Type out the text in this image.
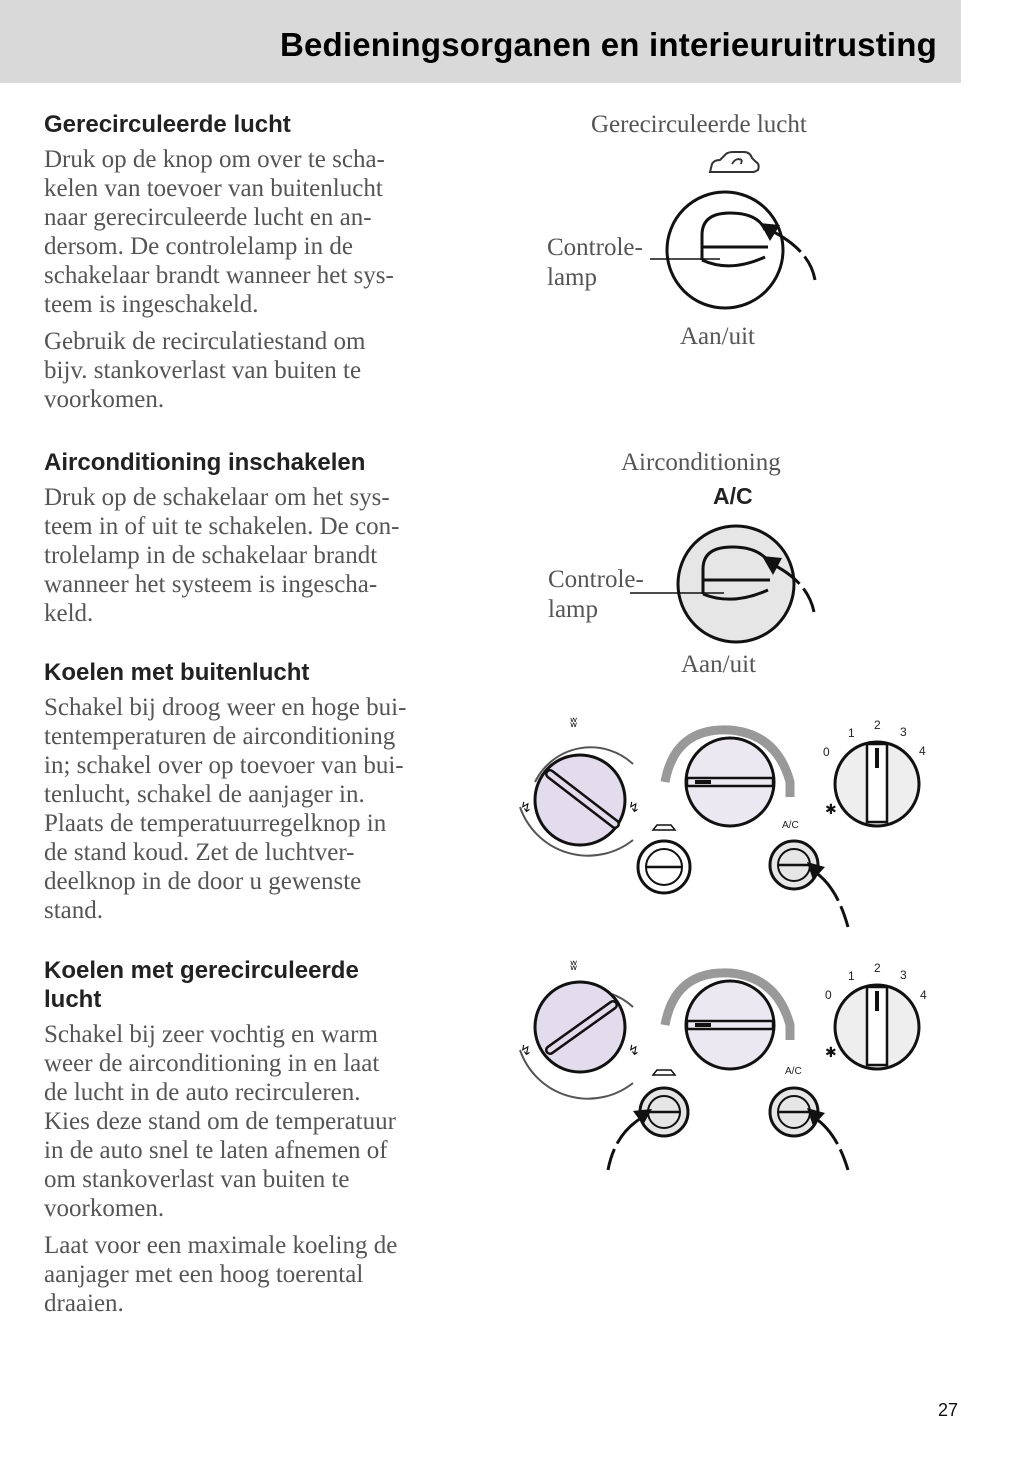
Bedieningsorganen en interieuruitrusting
Gerecirculeerde lucht
Druk op de knop om over te scha-
kelen van toevoer van buitenlucht
naar gerecirculeerde lucht en an-
dersom. De controlelamp in de
schakelaar brandt wanneer het sys-
teem is ingeschakeld.
Gebruik de recirculatiestand om
bijv. stankoverlast van buiten te
voorkomen.
Airconditioning inschakelen
Druk op de schakelaar om het sys-
teem in of uit te schakelen. De con-
trolelamp in de schakelaar brandt
wanneer het systeem is ingescha-
keld.
Koelen met buitenlucht
Schakel bij droog weer en hoge bui-
tentemperaturen de airconditioning
in; schakel over op toevoer van bui-
tenlucht, schakel de aanjager in.
Plaats de temperatuurregelknop in
de stand koud. Zet de luchtver-
deelknop in de door u gewenste
stand.
Koelen met gerecirculeerde
lucht
Schakel bij zeer vochtig en warm
weer de airconditioning in en laat
de lucht in de auto recirculeren.
Kies deze stand om de temperatuur
in de auto snel te laten afnemen of
om stankoverlast van buiten te
voorkomen.
Laat voor een maximale koeling de
aanjager met een hoog toerental
draaien.
Gerecirculeerde lucht
Controle-
lamp
Aan/uit
Airconditioning
A/C
Controle-
lamp
Aan/uit
ʬ
↯	↯	✱
0
1
2 3
4
A/C
ʬ
↯	↯	✱
0
1
2 3
4
A/C
27
